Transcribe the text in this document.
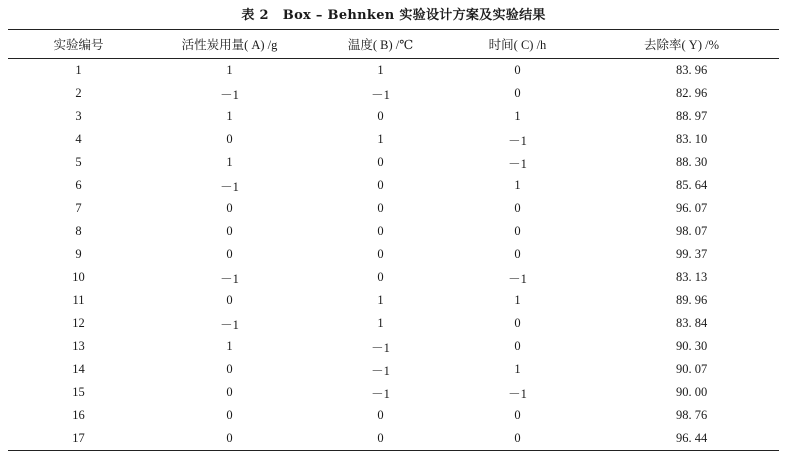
表 2 Box – Behnken 实验设计方案及实验结果
实验编号	活性炭用量( A) /g	温度( B) /℃	时间( C) /h	去除率( Y) /%
1	1	1	0	83. 96
2	－1	－1	0	82. 96
3	1	0	1	88. 97
4	0	1	－1	83. 10
5	1	0	－1	88. 30
6	－1	0	1	85. 64
7	0	0	0	96. 07
8	0	0	0	98. 07
9	0	0	0	99. 37
10	－1	0	－1	83. 13
11	0	1	1	89. 96
12	－1	1	0	83. 84
13	1	－1	0	90. 30
14	0	－1	1	90. 07
15	0	－1	－1	90. 00
16	0	0	0	98. 76
17	0	0	0	96. 44
